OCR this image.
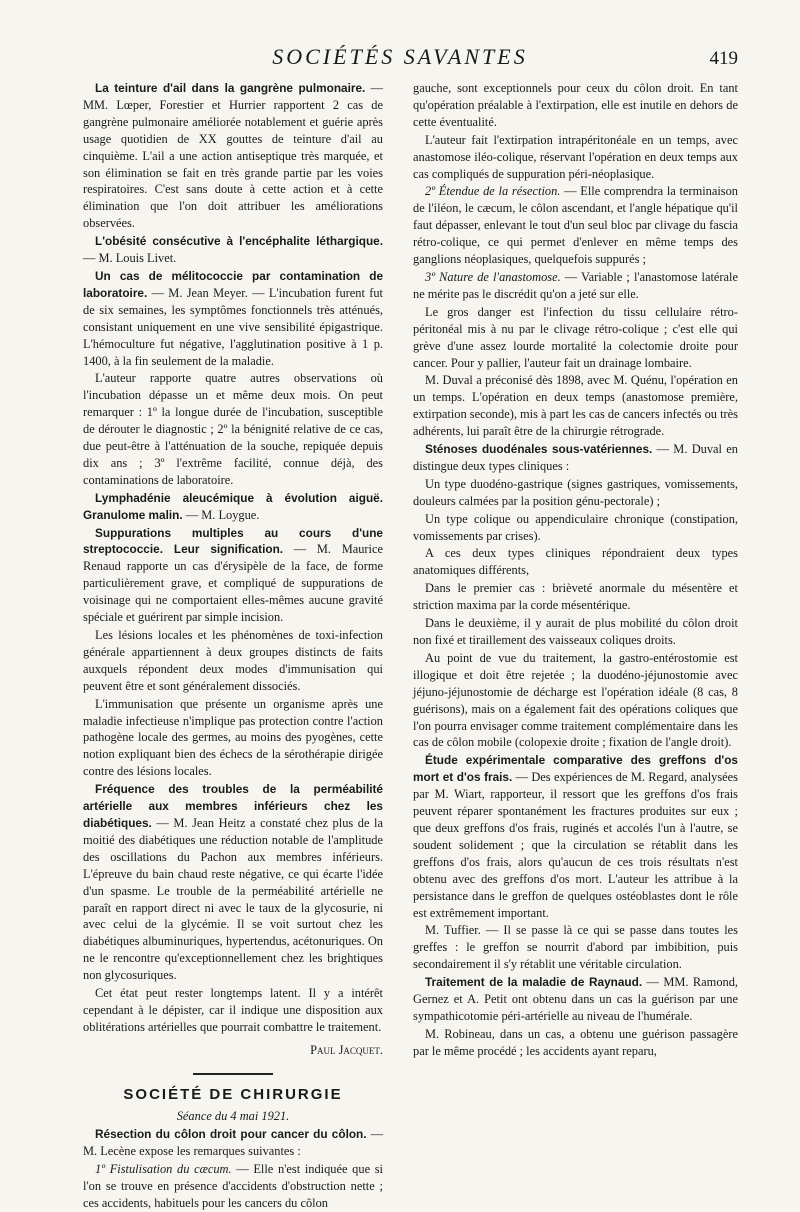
SOCIÉTÉS SAVANTES	419

La teinture d'ail dans la gangrène pulmonaire. — MM. Lœper, Forestier et Hurrier rapportent 2 cas de gangrène pulmonaire améliorée notablement et guérie après usage quotidien de XX gouttes de teinture d'ail au cinquième. L'ail a une action antiseptique très marquée, et son élimination se fait en très grande partie par les voies respiratoires. C'est sans doute à cette action et à cette élimination que l'on doit attribuer les améliorations observées.

L'obésité consécutive à l'encéphalite léthargique. — M. Louis Livet.

Un cas de mélitococcie par contamination de laboratoire. — M. Jean Meyer. — L'incubation furent fut de six semaines, les symptômes fonctionnels très atténués, consistant uniquement en une vive sensibilité épigastrique. L'hémoculture fut négative, l'agglutination positive à 1 p. 1400, à la fin seulement de la maladie.

L'auteur rapporte quatre autres observations où l'incubation dépasse un et même deux mois. On peut remarquer : 1º la longue durée de l'incubation, susceptible de dérouter le diagnostic ; 2º la bénignité relative de ce cas, due peut-être à l'atténuation de la souche, repiquée depuis dix ans ; 3º l'extrême facilité, connue déjà, des contaminations de laboratoire.

Lymphadénie aleucémique à évolution aiguë. Granulome malin. — M. Loygue.

Suppurations multiples au cours d'une streptococcie. Leur signification. — M. Maurice Renaud rapporte un cas d'érysipèle de la face, de forme particulièrement grave, et compliqué de suppurations de voisinage qui ne comportaient elles-mêmes aucune gravité spéciale et guérirent par simple incision.

Les lésions locales et les phénomènes de toxi-infection générale appartiennent à deux groupes distincts de faits auxquels répondent deux modes d'immunisation qui peuvent être et sont généralement dissociés.

L'immunisation que présente un organisme après une maladie infectieuse n'implique pas protection contre l'action pathogène locale des germes, au moins des pyogènes, cette notion expliquant bien des échecs de la sérothérapie dirigée contre des lésions locales.

Fréquence des troubles de la perméabilité artérielle aux membres inférieurs chez les diabétiques. — M. Jean Heitz a constaté chez plus de la moitié des diabétiques une réduction notable de l'amplitude des oscillations du Pachon aux membres inférieurs. L'épreuve du bain chaud reste négative, ce qui écarte l'idée d'un spasme. Le trouble de la perméabilité artérielle ne paraît en rapport direct ni avec le taux de la glycosurie, ni avec celui de la glycémie. Il se voit surtout chez les diabétiques albuminuriques, hypertendus, acétonuriques. On ne le rencontre qu'exceptionnellement chez les brightiques non glycosuriques.

Cet état peut rester longtemps latent. Il y a intérêt cependant à le dépister, car il indique une disposition aux oblitérations artérielles que pourrait combattre le traitement.

Paul Jacquet.

SOCIÉTÉ DE CHIRURGIE

Séance du 4 mai 1921.

Résection du côlon droit pour cancer du côlon. — M. Lecène expose les remarques suivantes :

1º Fistulisation du cæcum. — Elle n'est indiquée que si l'on se trouve en présence d'accidents d'obstruction nette ; ces accidents, habituels pour les cancers du côlon

gauche, sont exceptionnels pour ceux du côlon droit. En tant qu'opération préalable à l'extirpation, elle est inutile en dehors de cette éventualité.

L'auteur fait l'extirpation intrapéritonéale en un temps, avec anastomose iléo-colique, réservant l'opération en deux temps aux cas compliqués de suppuration péri-néoplasique.

2º Étendue de la résection. — Elle comprendra la terminaison de l'iléon, le cæcum, le côlon ascendant, et l'angle hépatique qu'il faut dépasser, enlevant le tout d'un seul bloc par clivage du fascia rétro-colique, ce qui permet d'enlever en même temps des ganglions néoplasiques, quelquefois suppurés ;

3º Nature de l'anastomose. — Variable ; l'anastomose latérale ne mérite pas le discrédit qu'on a jeté sur elle.

Le gros danger est l'infection du tissu cellulaire rétro-péritonéal mis à nu par le clivage rétro-colique ; c'est elle qui grève d'une assez lourde mortalité la colectomie droite pour cancer. Pour y pallier, l'auteur fait un drainage lombaire.

M. Duval a préconisé dès 1898, avec M. Quénu, l'opération en un temps. L'opération en deux temps (anastomose première, extirpation seconde), mis à part les cas de cancers infectés ou très adhérents, lui paraît être de la chirurgie rétrograde.

Sténoses duodénales sous-vatériennes. — M. Duval en distingue deux types cliniques :

Un type duodéno-gastrique (signes gastriques, vomissements, douleurs calmées par la position génu-pectorale) ;

Un type colique ou appendiculaire chronique (constipation, vomissements par crises).

A ces deux types cliniques répondraient deux types anatomiques différents,

Dans le premier cas : brièveté anormale du mésentère et striction maxima par la corde mésentérique.

Dans le deuxième, il y aurait de plus mobilité du côlon droit non fixé et tiraillement des vaisseaux coliques droits.

Au point de vue du traitement, la gastro-entérostomie est illogique et doit être rejetée ; la duodéno-jéjunostomie avec jéjuno-jéjunostomie de décharge est l'opération idéale (8 cas, 8 guérisons), mais on a également fait des opérations coliques que l'on pourra envisager comme traitement complémentaire dans les cas de côlon mobile (colopexie droite ; fixation de l'angle droit).

Étude expérimentale comparative des greffons d'os mort et d'os frais. — Des expériences de M. Regard, analysées par M. Wiart, rapporteur, il ressort que les greffons d'os frais peuvent réparer spontanément les fractures produites sur eux ; que deux greffons d'os frais, ruginés et accolés l'un à l'autre, se soudent solidement ; que la circulation se rétablit dans les greffons d'os frais, alors qu'aucun de ces trois résultats n'est obtenu avec des greffons d'os mort. L'auteur les attribue à la persistance dans le greffon de quelques ostéoblastes dont le rôle est extrêmement important.

M. Tuffier. — Il se passe là ce qui se passe dans toutes les greffes : le greffon se nourrit d'abord par imbibition, puis secondairement il s'y rétablit une véritable circulation.

Traitement de la maladie de Raynaud. — MM. Ramond, Gernez et A. Petit ont obtenu dans un cas la guérison par une sympathicotomie péri-artérielle au niveau de l'humérale.

M. Robineau, dans un cas, a obtenu une guérison passagère par le même procédé ; les accidents ayant reparu,
